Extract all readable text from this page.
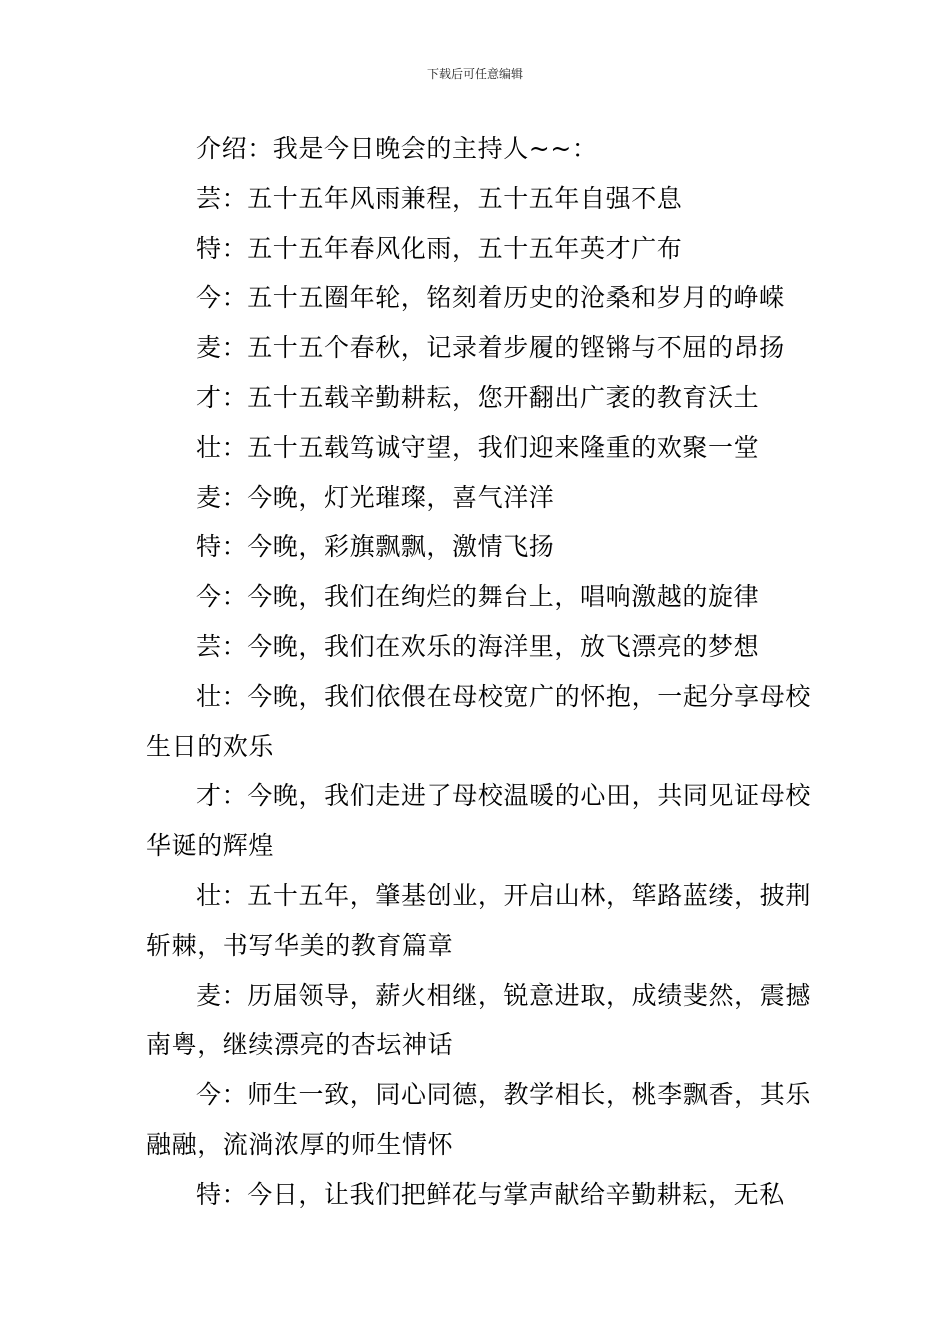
下载后可任意编辑

介绍：我是今日晚会的主持人~~：

芸：五十五年风雨兼程，五十五年自强不息

特：五十五年春风化雨，五十五年英才广布

今：五十五圈年轮，铭刻着历史的沧桑和岁月的峥嵘

麦：五十五个春秋，记录着步履的铿锵与不屈的昂扬

才：五十五载辛勤耕耘，您开翻出广袤的教育沃土

壮：五十五载笃诚守望，我们迎来隆重的欢聚一堂

麦：今晚，灯光璀璨，喜气洋洋

特：今晚，彩旗飘飘，激情飞扬

今：今晚，我们在绚烂的舞台上，唱响激越的旋律

芸：今晚，我们在欢乐的海洋里，放飞漂亮的梦想

壮：今晚，我们依偎在母校宽广的怀抱，一起分享母校生日的欢乐

才：今晚，我们走进了母校温暖的心田，共同见证母校华诞的辉煌

壮：五十五年，肇基创业，开启山林，筚路蓝缕，披荆斩棘，书写华美的教育篇章

麦：历届领导，薪火相继，锐意进取，成绩斐然，震撼南粤，继续漂亮的杏坛神话

今：师生一致，同心同德，教学相长，桃李飘香，其乐融融，流淌浓厚的师生情怀

特：今日，让我们把鲜花与掌声献给辛勤耕耘，无私
